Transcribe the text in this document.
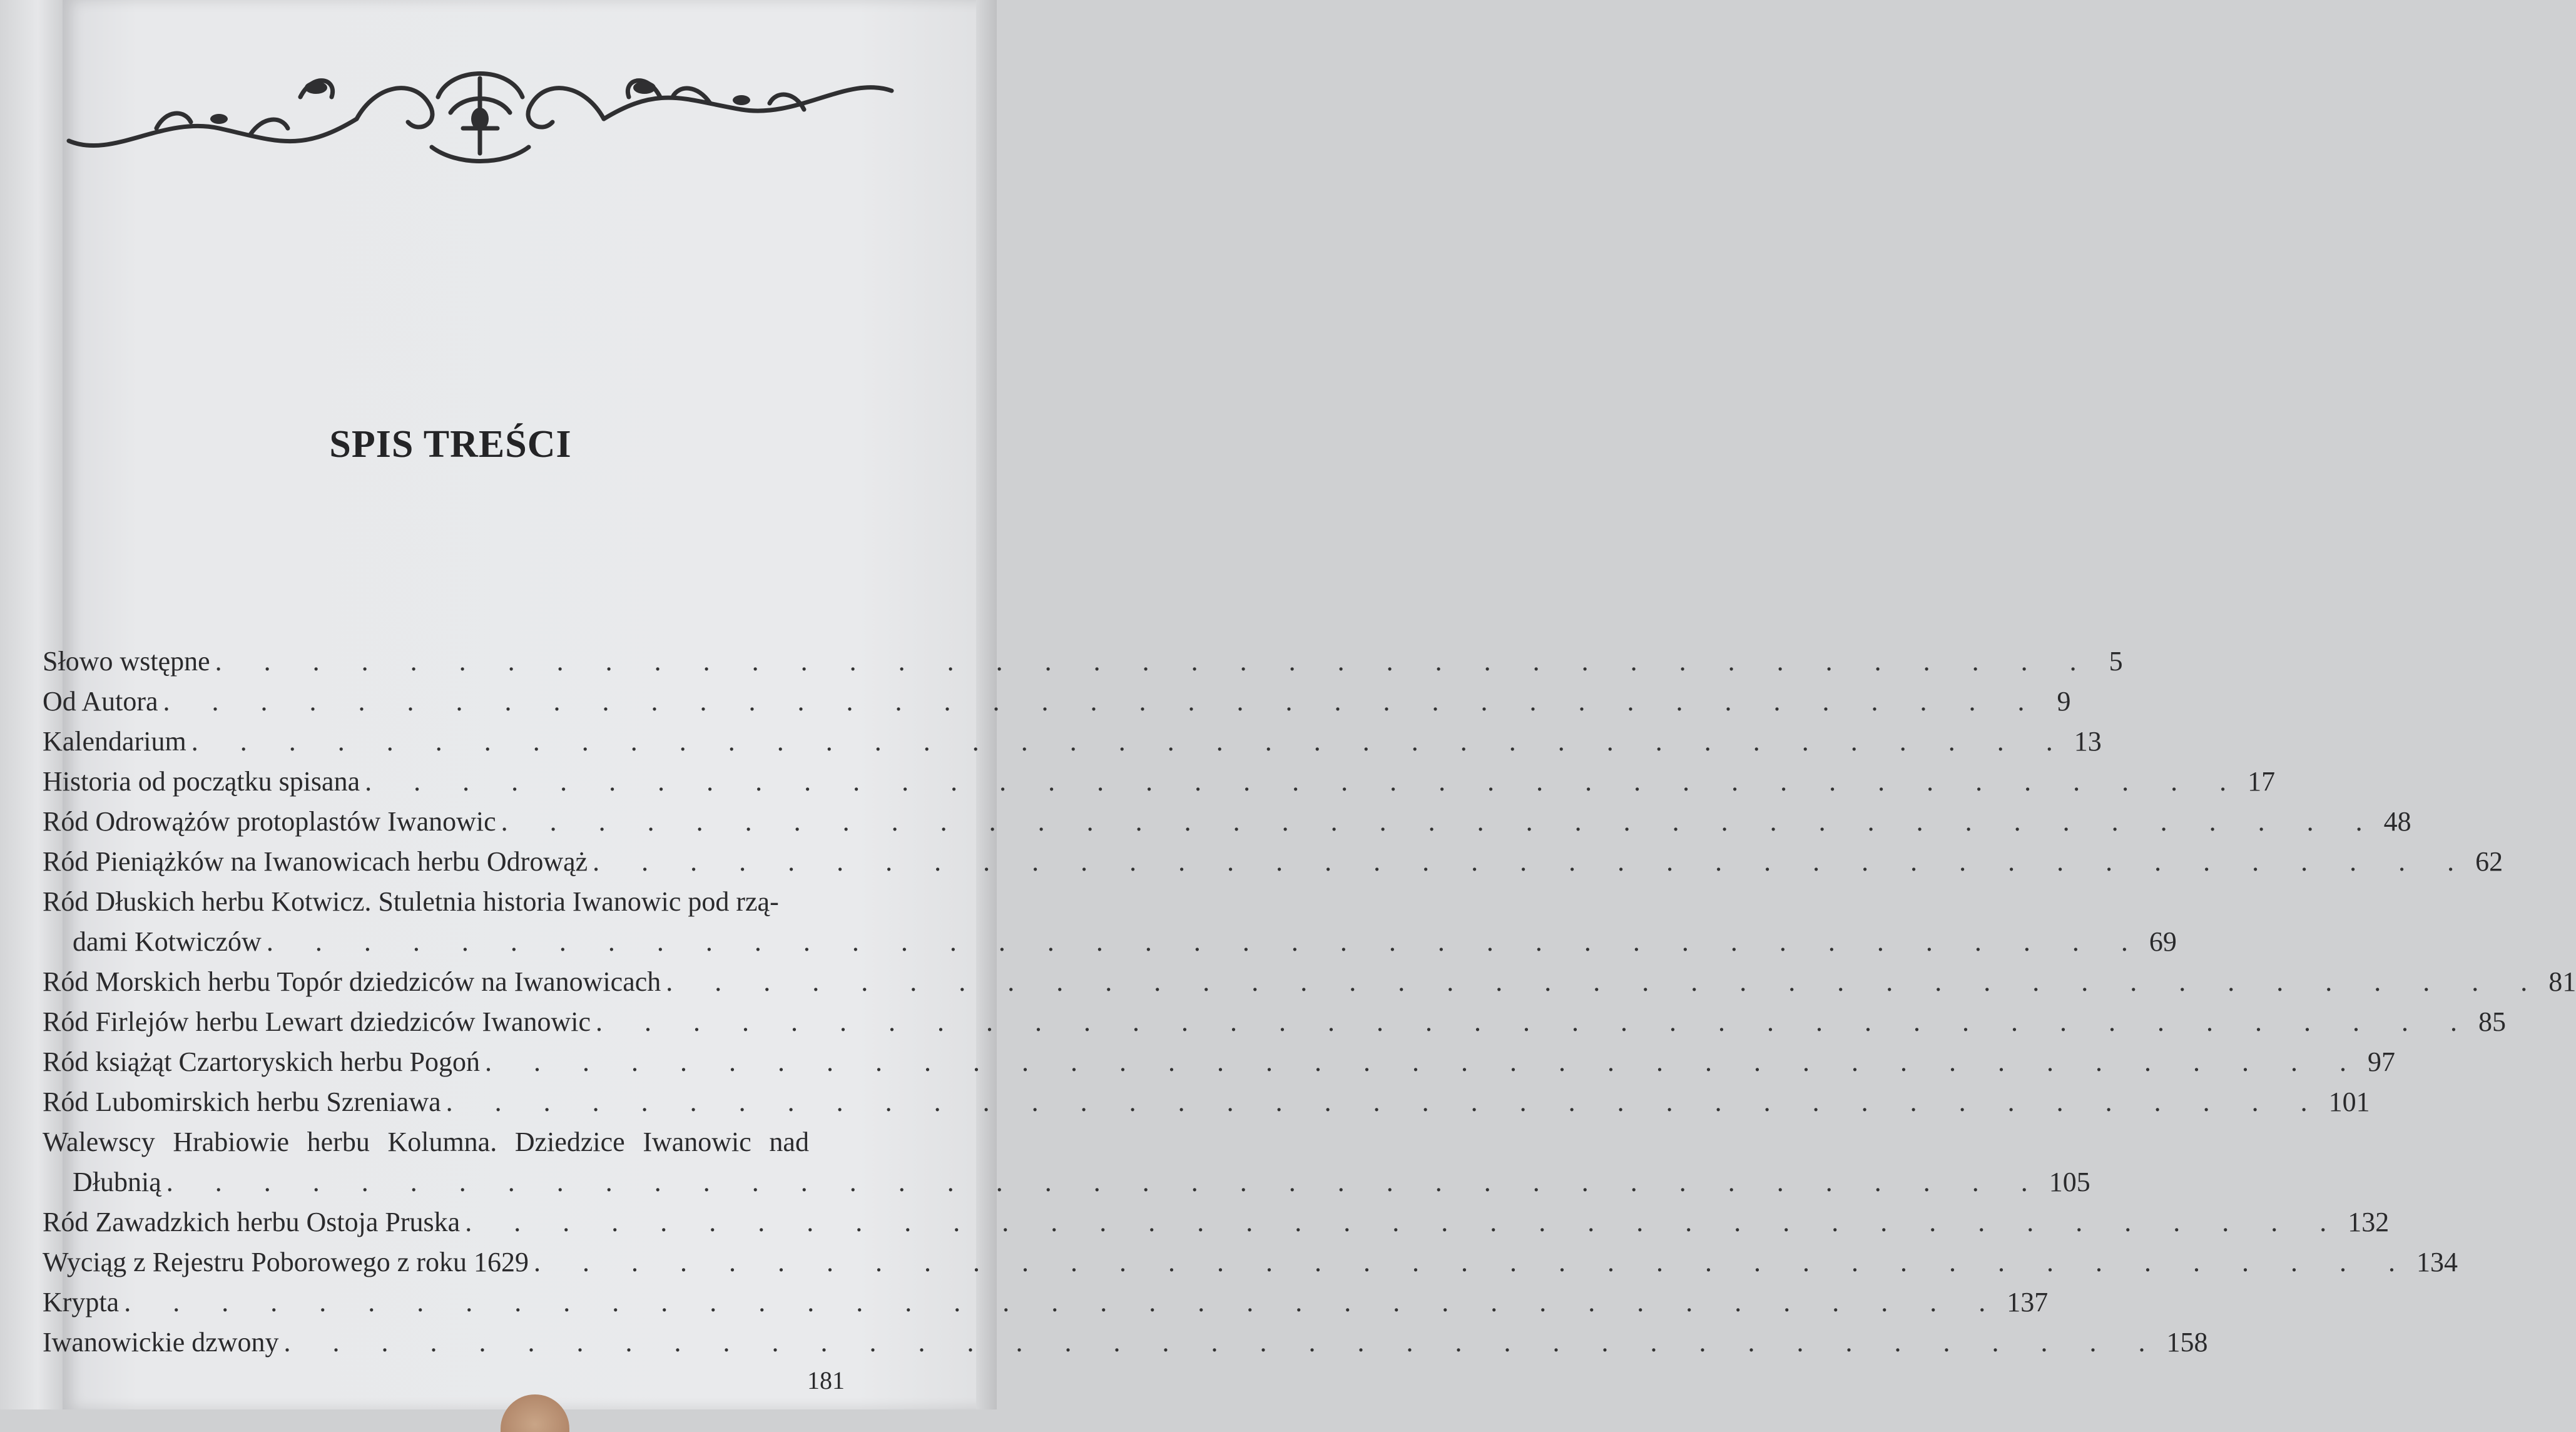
SPIS TREŚCI
Słowo wstępne . . . . . . . . . . . . . . . . . . . . . . . . . . . . . . . . . . . . . . . 5
Od Autora . . . . . . . . . . . . . . . . . . . . . . . . . . . . . . . . . . . . . . . 9
Kalendarium . . . . . . . . . . . . . . . . . . . . . . . . . . . . . . . . . . . . . . . 13
Historia od początku spisana . . . . . . . . . . . . . . . . . . . . . . . . . . . . . . . . . . . . . . . 17
Ród Odrowążów protoplastów Iwanowic . . . . . . . . . . . . . . . . . . . . . . . . . . . . . . . . . . . . . . . 48
Ród Pieniążków na Iwanowicach herbu Odrowąż . . . . . . . . . . . . . . . . . . . . . . . . . . . . . . . . . . . . . . . 62
Ród Dłuskich herbu Kotwicz. Stuletnia historia Iwanowic pod rzą-
dami Kotwiczów . . . . . . . . . . . . . . . . . . . . . . . . . . . . . . . . . . . . . . . 69
Ród Morskich herbu Topór dziedziców na Iwanowicach . . . . . . . . . . . . . . . . . . . . . . . . . . . . . . . . . . . . . . . 81
Ród Firlejów herbu Lewart dziedziców Iwanowic . . . . . . . . . . . . . . . . . . . . . . . . . . . . . . . . . . . . . . . 85
Ród książąt Czartoryskich herbu Pogoń . . . . . . . . . . . . . . . . . . . . . . . . . . . . . . . . . . . . . . . 97
Ród Lubomirskich herbu Szreniawa . . . . . . . . . . . . . . . . . . . . . . . . . . . . . . . . . . . . . . . 101
Walewscy Hrabiowie herbu Kolumna. Dziedzice Iwanowic nad
Dłubnią . . . . . . . . . . . . . . . . . . . . . . . . . . . . . . . . . . . . . . . 105
Ród Zawadzkich herbu Ostoja Pruska . . . . . . . . . . . . . . . . . . . . . . . . . . . . . . . . . . . . . . . 132
Wyciąg z Rejestru Poborowego z roku 1629 . . . . . . . . . . . . . . . . . . . . . . . . . . . . . . . . . . . . . . . 134
Krypta . . . . . . . . . . . . . . . . . . . . . . . . . . . . . . . . . . . . . . . 137
Iwanowickie dzwony . . . . . . . . . . . . . . . . . . . . . . . . . . . . . . . . . . . . . . . 158
181
